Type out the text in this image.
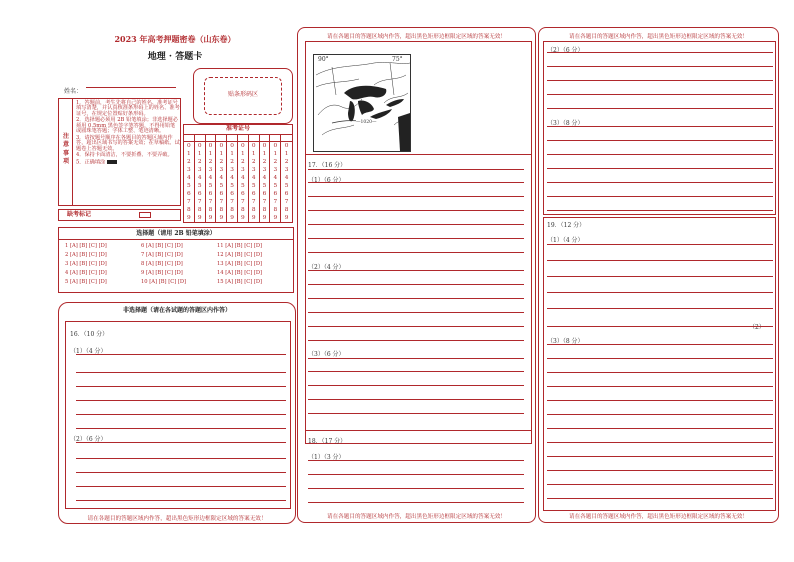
2023 年高考押题密卷（山东卷）
地理 · 答题卡
姓名：	贴条形码区
注意事项
1．答题前，考生先将自己的姓名、准考证号填写清楚，并认真核准条形码上的姓名、准考证号，在规定位置贴好条形码。
2．选择题必须用 2B 铅笔填涂；非选择题必须用 0.5mm 黑色签字笔答题，不得用铅笔或圆珠笔答题；字体工整、笔迹清晰。
3．请按题号顺序在各题目的答题区域内作答，超出区域书写的答案无效；在草稿纸、试题卷上答题无效。
4．保持卡面清洁，不要折叠、不要弄破。
5．正确填涂
准考证号
0
1
2
3
4
5
6
7
8
9
0
1
2
3
4
5
6
7
8
9
0
1
2
3
4
5
6
7
8
9
0
1
2
3
4
5
6
7
8
9
0
1
2
3
4
5
6
7
8
9
0
1
2
3
4
5
6
7
8
9
0
1
2
3
4
5
6
7
8
9
0
1
2
3
4
5
6
7
8
9
0
1
2
3
4
5
6
7
8
9
0
1
2
3
4
5
6
7
8
9
缺考标记
选择题（请用 2B 铅笔填涂）
1 [A] [B] [C] [D]
2 [A] [B] [C] [D]
3 [A] [B] [C] [D]
4 [A] [B] [C] [D]
5 [A] [B] [C] [D]
6 [A] [B] [C] [D]
7 [A] [B] [C] [D]
8 [A] [B] [C] [D]
9 [A] [B] [C] [D]
10 [A] [B] [C] [D]
11 [A] [B] [C] [D]
12 [A] [B] [C] [D]
13 [A] [B] [C] [D]
14 [A] [B] [C] [D]
15 [A] [B] [C] [D]
非选择题（请在各试题的答题区内作答）
16．（10 分）
（1）（4 分）
（2）（6 分）
请在各题目的答题区域内作答，超出黑色矩形边框限定区域的答案无效！
请在各题目的答题区域内作答，超出黑色矩形边框限定区域的答案无效！
90°	75°
—1020—
17．（16 分）
（1）（6 分）
（2）（4 分）
（3）（6 分）
18．（17 分）
（1）（3 分）
请在各题目的答题区域内作答，超出黑色矩形边框限定区域的答案无效！
请在各题目的答题区域内作答，超出黑色矩形边框限定区域的答案无效！
（2）（6 分）
（3）（8 分）
19．（12 分）
（1）（4 分）
（2）
（3）（8 分）
请在各题目的答题区域内作答，超出黑色矩形边框限定区域的答案无效！
